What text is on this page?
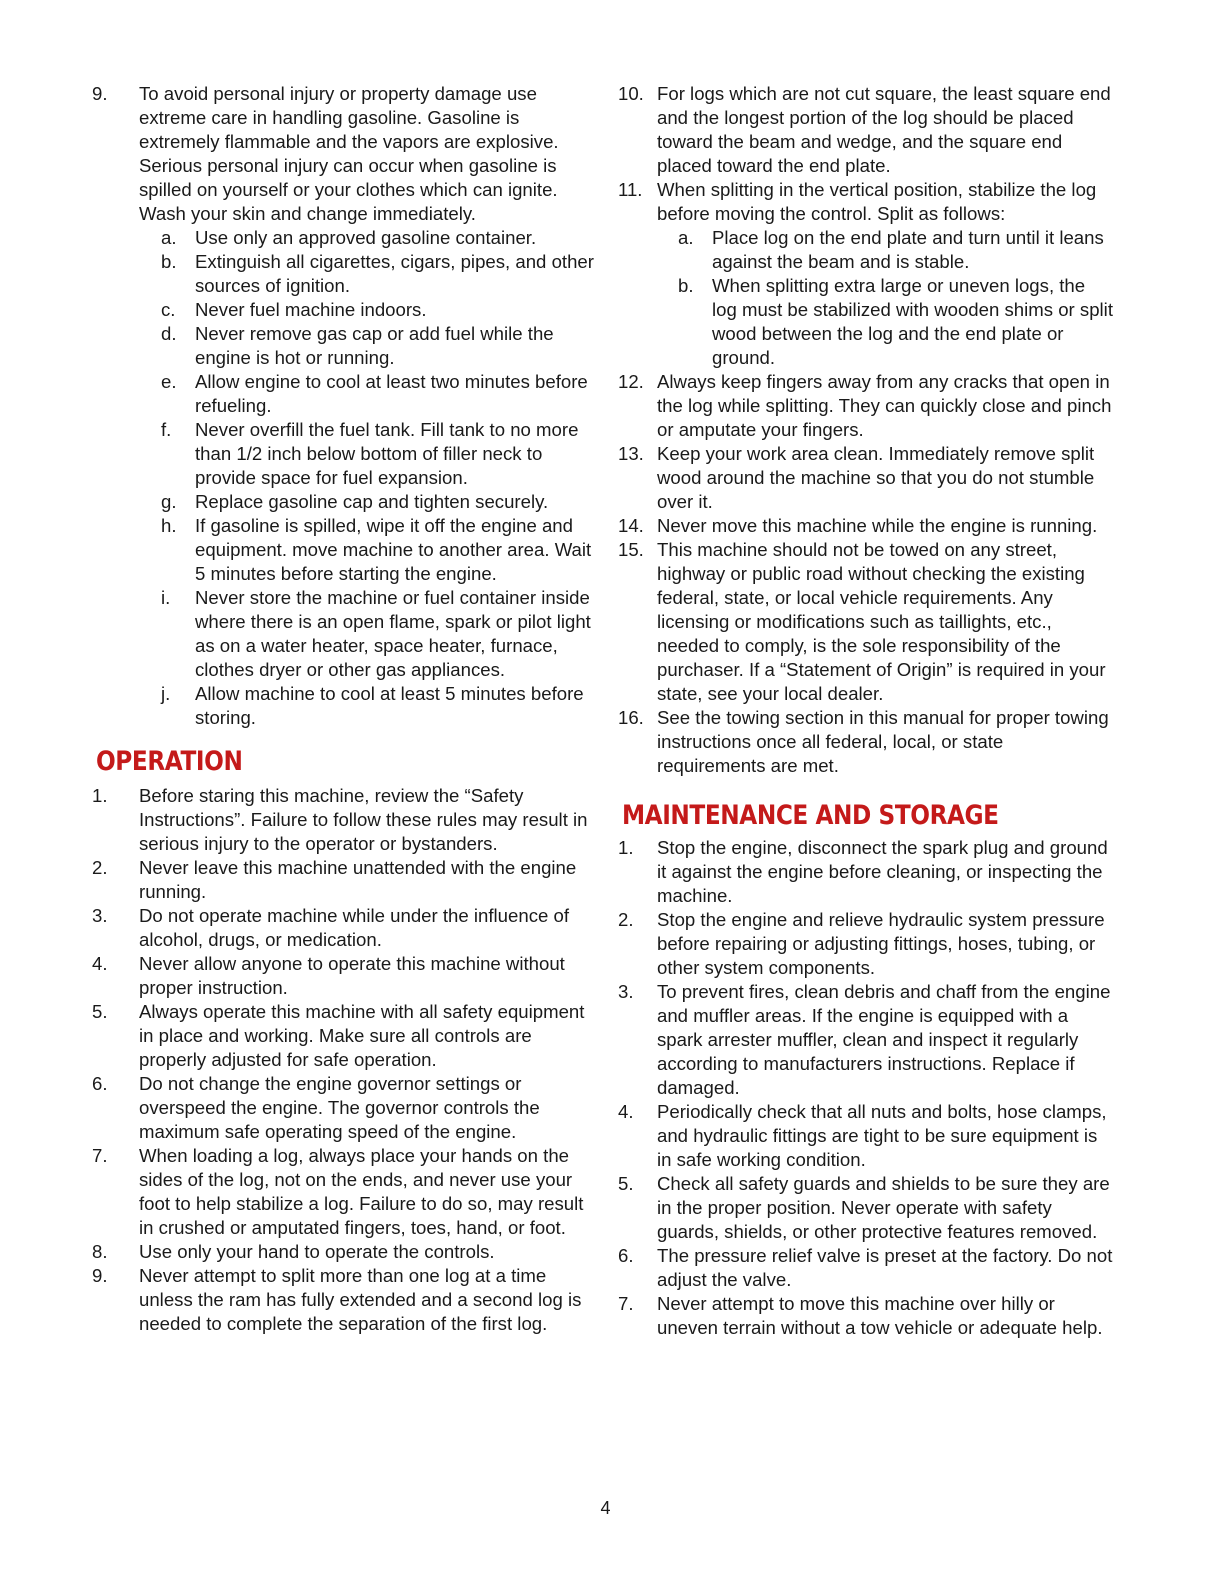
9.	To avoid personal injury or property damage use extreme care in handling gasoline. Gasoline is extremely flammable and the vapors are explosive. Serious personal injury can occur when gasoline is spilled on yourself or your clothes which can ignite. Wash your skin and change immediately.
a. Use only an approved gasoline container.
b. Extinguish all cigarettes, cigars, pipes, and other sources of ignition.
c.	Never fuel machine indoors.
d. Never remove gas cap or add fuel while the engine is hot or running.
e. Allow engine to cool at least two minutes before refueling.
f.	Never overfill the fuel tank. Fill tank to no more than 1/2 inch below bottom of filler neck to provide space for fuel expansion.
g. Replace gasoline cap and tighten securely.
h. If gasoline is spilled, wipe it off the engine and equipment. move machine to another area. Wait 5 minutes before starting the engine.
i.	Never store the machine or fuel container inside where there is an open flame, spark or pilot light as on a water heater, space heater, furnace, clothes dryer or other gas appliances.
j.	Allow machine to cool at least 5 minutes before storing.
OPERATION
1.	Before staring this machine, review the “Safety Instructions”. Failure to follow these rules may result in serious injury to the operator or bystanders.
2.	Never leave this machine unattended with the engine running.
3.	Do not operate machine while under the influence of alcohol, drugs, or medication.
4.	Never allow anyone to operate this machine without proper instruction.
5.	Always operate this machine with all safety equipment in place and working. Make sure all controls are properly adjusted for safe operation.
6.	Do not change the engine governor settings or overspeed the engine. The governor controls the maximum safe operating speed of the engine.
7.	When loading a log, always place your hands on the sides of the log, not on the ends, and never use your foot to help stabilize a log. Failure to do so, may result in crushed or amputated fingers, toes, hand, or foot.
8.	Use only your hand to operate the controls.
9.	Never attempt to split more than one log at a time unless the ram has fully extended and a second log is needed to complete the separation of the first log.
10. For logs which are not cut square, the least square end and the longest portion of the log should be placed toward the beam and wedge, and the square end placed toward the end plate.
11. When splitting in the vertical position, stabilize the log before moving the control. Split as follows:
a. Place log on the end plate and turn until it leans against the beam and is stable.
b. When splitting extra large or uneven logs, the log must be stabilized with wooden shims or split wood between the log and the end plate or ground.
12. Always keep fingers away from any cracks that open in the log while splitting. They can quickly close and pinch or amputate your fingers.
13. Keep your work area clean. Immediately remove split wood around the machine so that you do not stumble over it.
14. Never move this machine while the engine is running.
15. This machine should not be towed on any street, highway or public road without checking the existing federal, state, or local vehicle requirements. Any licensing or modifications such as taillights, etc., needed to comply, is the sole responsibility of the purchaser. If a “Statement of Origin” is required in your state, see your local dealer.
16. See the towing section in this manual for proper towing instructions once all federal, local, or state requirements are met.
MAINTENANCE AND STORAGE
1.	Stop the engine, disconnect the spark plug and ground it against the engine before cleaning, or inspecting the machine.
2.	Stop the engine and relieve hydraulic system pressure before repairing or adjusting fittings, hoses, tubing, or other system components.
3.	To prevent fires, clean debris and chaff from the engine and muffler areas. If the engine is equipped with a spark arrester muffler, clean and inspect it regularly according to manufacturers instructions. Replace if damaged.
4.	Periodically check that all nuts and bolts, hose clamps, and hydraulic fittings are tight to be sure equipment is in safe working condition.
5.	Check all safety guards and shields to be sure they are in the proper position. Never operate with safety guards, shields, or other protective features removed.
6.	The pressure relief valve is preset at the factory. Do not adjust the valve.
7.	Never attempt to move this machine over hilly or uneven terrain without a tow vehicle or adequate help.
4
